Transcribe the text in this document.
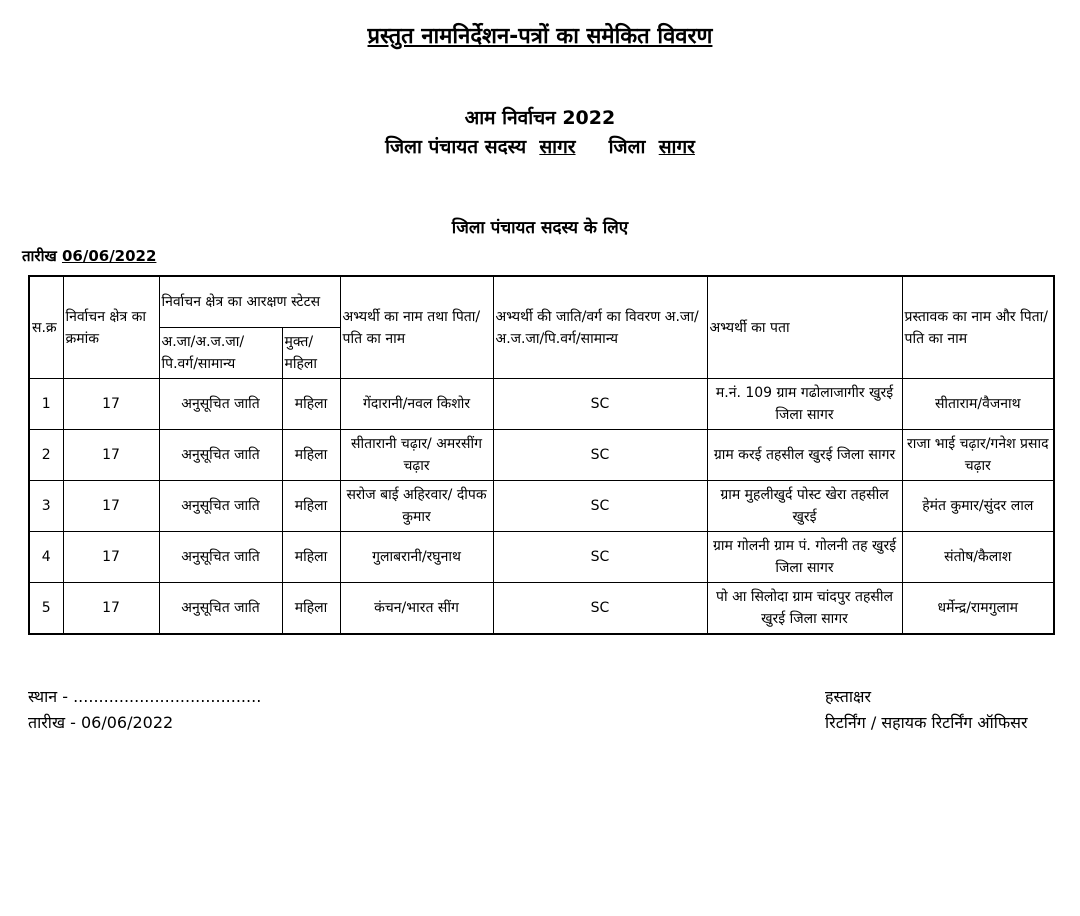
प्रस्तुत नामनिर्देशन-पत्रों का समेकित विवरण
आम निर्वाचन 2022
जिला पंचायत सदस्य सागर जिला सागर
जिला पंचायत सदस्य के लिए
तारीख 06/06/2022
स.क्र	निर्वाचन क्षेत्र का क्रमांक	निर्वाचन क्षेत्र का आरक्षण स्टेटस		अभ्यर्थी का नाम तथा पिता/पति का नाम	अभ्यर्थी की जाति/वर्ग का विवरण अ.जा/अ.ज.जा/पि.वर्ग/सामान्य	अभ्यर्थी का पता	प्रस्तावक का नाम और पिता/पति का नाम
		अ.जा/अ.ज.जा/ पि.वर्ग/सामान्य	मुक्त/ महिला				
1	17	अनुसूचित जाति	महिला	गेंदारानी/नवल किशोर	SC	म.नं. 109 ग्राम गढोलाजागीर खुरई जिला सागर	सीताराम/वैजनाथ
2	17	अनुसूचित जाति	महिला	सीतारानी चढ़ार/ अमरसींग चढ़ार	SC	ग्राम करई तहसील खुरई जिला सागर	राजा भाई चढ़ार/गनेश प्रसाद चढ़ार
3	17	अनुसूचित जाति	महिला	सरोज बाई अहिरवार/ दीपक कुमार	SC	ग्राम मुहलीखुर्द पोस्ट खेरा तहसील खुरई	हेमंत कुमार/सुंदर लाल
4	17	अनुसूचित जाति	महिला	गुलाबरानी/रघुनाथ	SC	ग्राम गोलनी ग्राम पं. गोलनी तह खुरई जिला सागर	संतोष/कैलाश
5	17	अनुसूचित जाति	महिला	कंचन/भारत सींग	SC	पो आ सिलोदा ग्राम चांदपुर तहसील खुरई जिला सागर	धर्मेन्द्र/रामगुलाम
स्थान - .....................................
तारीख - 06/06/2022
हस्ताक्षर
रिटर्निंग / सहायक रिटर्निंग ऑफिसर
